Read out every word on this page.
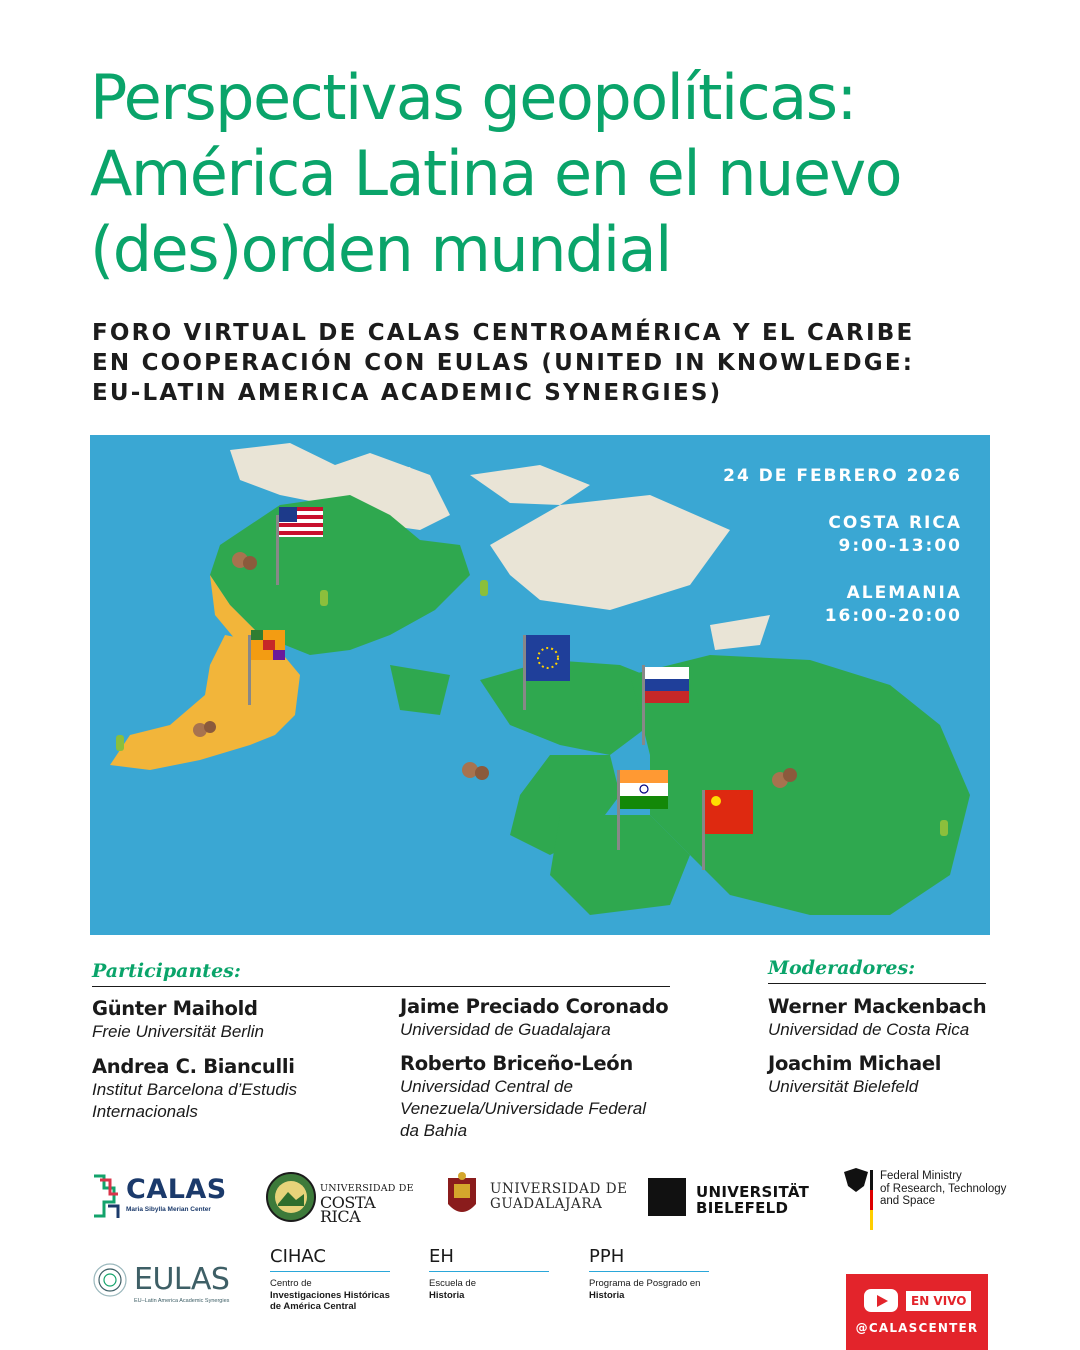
Perspectivas geopolíticas:
América Latina en el nuevo
(des)orden mundial
FORO VIRTUAL DE CALAS CENTROAMÉRICA Y EL CARIBE
EN COOPERACIÓN CON EULAS (UNITED IN KNOWLEDGE:
EU-LATIN AMERICA ACADEMIC SYNERGIES)
24 DE FEBRERO 2026
COSTA RICA
9:00-13:00
ALEMANIA
16:00-20:00
Participantes:
Günter Maihold
Freie Universität Berlin
Andrea C. Bianculli
Institut Barcelona d’Estudis
Internacionals
Jaime Preciado Coronado
Universidad de Guadalajara
Roberto Briceño-León
Universidad Central de
Venezuela/Universidade Federal
da Bahia
Moderadores:
Werner Mackenbach
Universidad de Costa Rica
Joachim Michael
Universität Bielefeld
CALAS
Maria Sibylla Merian Center
UNIVERSIDAD DE
COSTA RICA
UNIVERSIDAD DE
GUADALAJARA
UNIVERSITÄT
BIELEFELD
Federal Ministry
of Research, Technology
and Space
EULAS
EU–Latin America Academic Synergies
CIHAC
Centro de
Investigaciones Históricas
de América Central
EH
Escuela de
Historia
PPH
Programa de Posgrado en
Historia	EN VIVO
@CALASCENTER
